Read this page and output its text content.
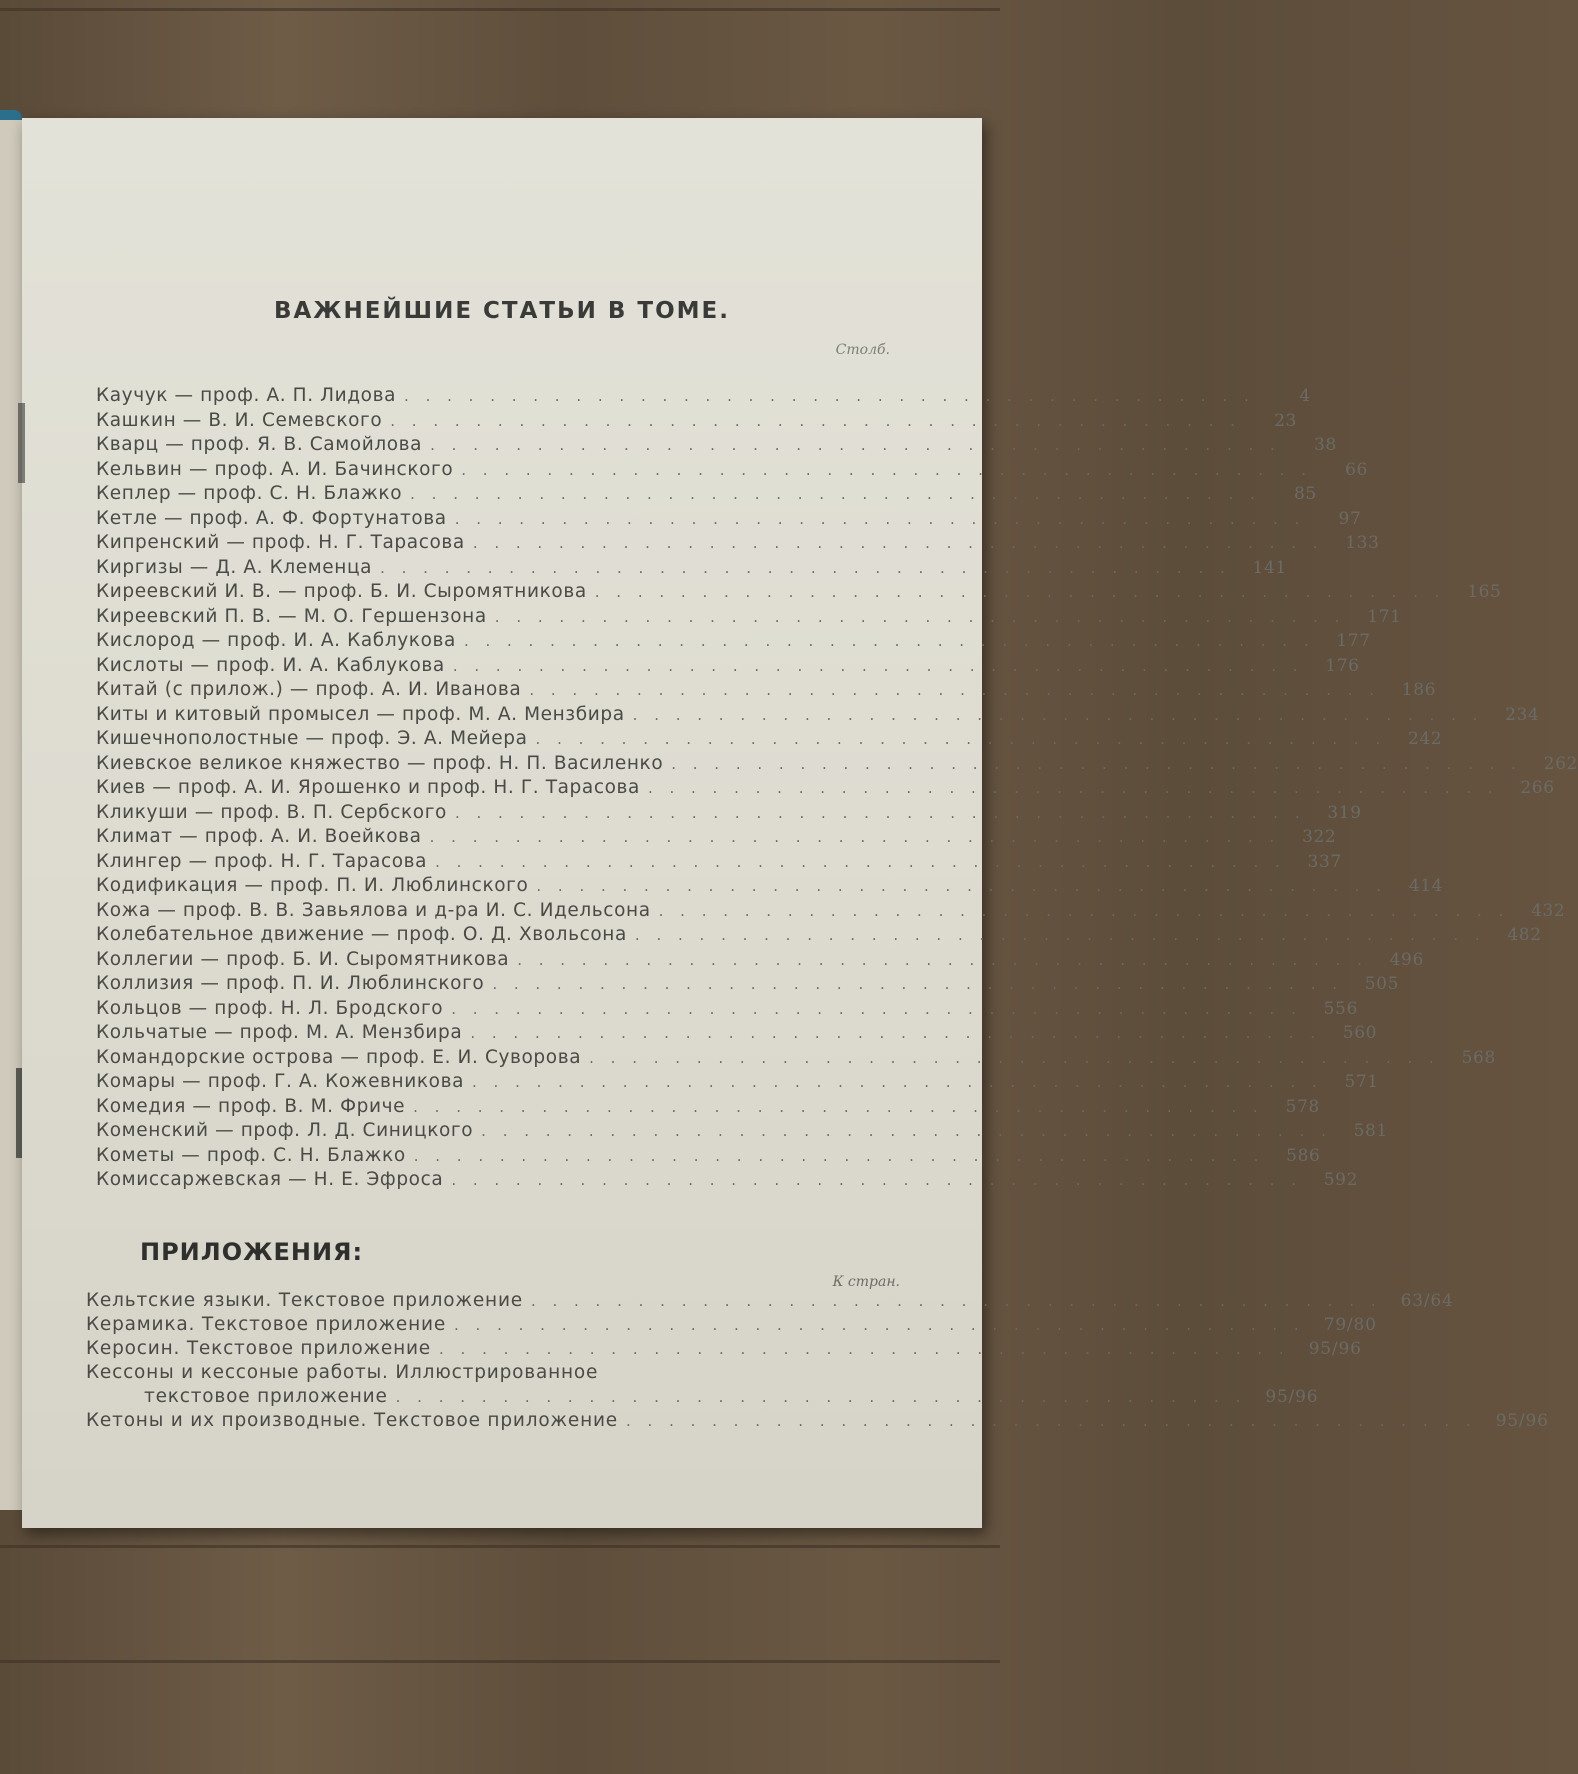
ВАЖНЕЙШИЕ СТАТЬИ В ТОМЕ.
Столб.
Каучук — проф. А. П. Лидова . . . . . . . . . . . . . . . . . . . . . . . . . . . . . . . . . . . . . . . .	4
Кашкин — В. И. Семевского . . . . . . . . . . . . . . . . . . . . . . . . . . . . . . . . . . . . . . . .	23
Кварц — проф. Я. В. Самойлова . . . . . . . . . . . . . . . . . . . . . . . . . . . . . . . . . . . . . . . .	38
Кельвин — проф. А. И. Бачинского . . . . . . . . . . . . . . . . . . . . . . . . . . . . . . . . . . . . . . . .	66
Кеплер — проф. С. Н. Блажко . . . . . . . . . . . . . . . . . . . . . . . . . . . . . . . . . . . . . . . .	85
Кетле — проф. А. Ф. Фортунатова . . . . . . . . . . . . . . . . . . . . . . . . . . . . . . . . . . . . . . . .	97
Кипренский — проф. Н. Г. Тарасова . . . . . . . . . . . . . . . . . . . . . . . . . . . . . . . . . . . . . . . .	133
Киргизы — Д. А. Клеменца . . . . . . . . . . . . . . . . . . . . . . . . . . . . . . . . . . . . . . . .	141
Киреевский И. В. — проф. Б. И. Сыромятникова . . . . . . . . . . . . . . . . . . . . . . . . . . . . . . . . . . . . . . . .	165
Киреевский П. В. — М. О. Гершензона . . . . . . . . . . . . . . . . . . . . . . . . . . . . . . . . . . . . . . . .	171
Кислород — проф. И. А. Каблукова . . . . . . . . . . . . . . . . . . . . . . . . . . . . . . . . . . . . . . . .	177
Кислоты — проф. И. А. Каблукова . . . . . . . . . . . . . . . . . . . . . . . . . . . . . . . . . . . . . . . .	176
Китай (с прилож.) — проф. А. И. Иванова . . . . . . . . . . . . . . . . . . . . . . . . . . . . . . . . . . . . . . . .	186
Киты и китовый промысел — проф. М. А. Мензбира . . . . . . . . . . . . . . . . . . . . . . . . . . . . . . . . . . . . . . . .	234
Кишечнополостные — проф. Э. А. Мейера . . . . . . . . . . . . . . . . . . . . . . . . . . . . . . . . . . . . . . . .	242
Киевское великое княжество — проф. Н. П. Василенко . . . . . . . . . . . . . . . . . . . . . . . . . . . . . . . . . . . . . . . .	262
Киев — проф. А. И. Ярошенко и проф. Н. Г. Тарасова . . . . . . . . . . . . . . . . . . . . . . . . . . . . . . . . . . . . . . . .	266
Кликуши — проф. В. П. Сербского . . . . . . . . . . . . . . . . . . . . . . . . . . . . . . . . . . . . . . . .	319
Климат — проф. А. И. Воейкова . . . . . . . . . . . . . . . . . . . . . . . . . . . . . . . . . . . . . . . .	322
Клингер — проф. Н. Г. Тарасова . . . . . . . . . . . . . . . . . . . . . . . . . . . . . . . . . . . . . . . .	337
Кодификация — проф. П. И. Люблинского . . . . . . . . . . . . . . . . . . . . . . . . . . . . . . . . . . . . . . . .	414
Кожа — проф. В. В. Завьялова и д-ра И. С. Идельсона . . . . . . . . . . . . . . . . . . . . . . . . . . . . . . . . . . . . . . . .	432
Колебательное движение — проф. О. Д. Хвольсона . . . . . . . . . . . . . . . . . . . . . . . . . . . . . . . . . . . . . . . .	482
Коллегии — проф. Б. И. Сыромятникова . . . . . . . . . . . . . . . . . . . . . . . . . . . . . . . . . . . . . . . .	496
Коллизия — проф. П. И. Люблинского . . . . . . . . . . . . . . . . . . . . . . . . . . . . . . . . . . . . . . . .	505
Кольцов — проф. Н. Л. Бродского . . . . . . . . . . . . . . . . . . . . . . . . . . . . . . . . . . . . . . . .	556
Кольчатые — проф. М. А. Мензбира . . . . . . . . . . . . . . . . . . . . . . . . . . . . . . . . . . . . . . . .	560
Командорские острова — проф. Е. И. Суворова . . . . . . . . . . . . . . . . . . . . . . . . . . . . . . . . . . . . . . . .	568
Комары — проф. Г. А. Кожевникова . . . . . . . . . . . . . . . . . . . . . . . . . . . . . . . . . . . . . . . .	571
Комедия — проф. В. М. Фриче . . . . . . . . . . . . . . . . . . . . . . . . . . . . . . . . . . . . . . . .	578
Коменский — проф. Л. Д. Синицкого . . . . . . . . . . . . . . . . . . . . . . . . . . . . . . . . . . . . . . . .	581
Кометы — проф. С. Н. Блажко . . . . . . . . . . . . . . . . . . . . . . . . . . . . . . . . . . . . . . . .	586
Комиссаржевская — Н. Е. Эфроса . . . . . . . . . . . . . . . . . . . . . . . . . . . . . . . . . . . . . . . .	592
ПРИЛОЖЕНИЯ:
К стран.
Кельтские языки. Текстовое приложение . . . . . . . . . . . . . . . . . . . . . . . . . . . . . . . . . . . . . . . .	63/64
Керамика. Текстовое приложение . . . . . . . . . . . . . . . . . . . . . . . . . . . . . . . . . . . . . . . .	79/80
Керосин. Текстовое приложение . . . . . . . . . . . . . . . . . . . . . . . . . . . . . . . . . . . . . . . .	95/96
Кессоны и кессоные работы. Иллюстрированное
текстовое приложение . . . . . . . . . . . . . . . . . . . . . . . . . . . . . . . . . . . . . . . .	95/96
Кетоны и их производные. Текстовое приложение . . . . . . . . . . . . . . . . . . . . . . . . . . . . . . . . . . . . . . . .	95/96
